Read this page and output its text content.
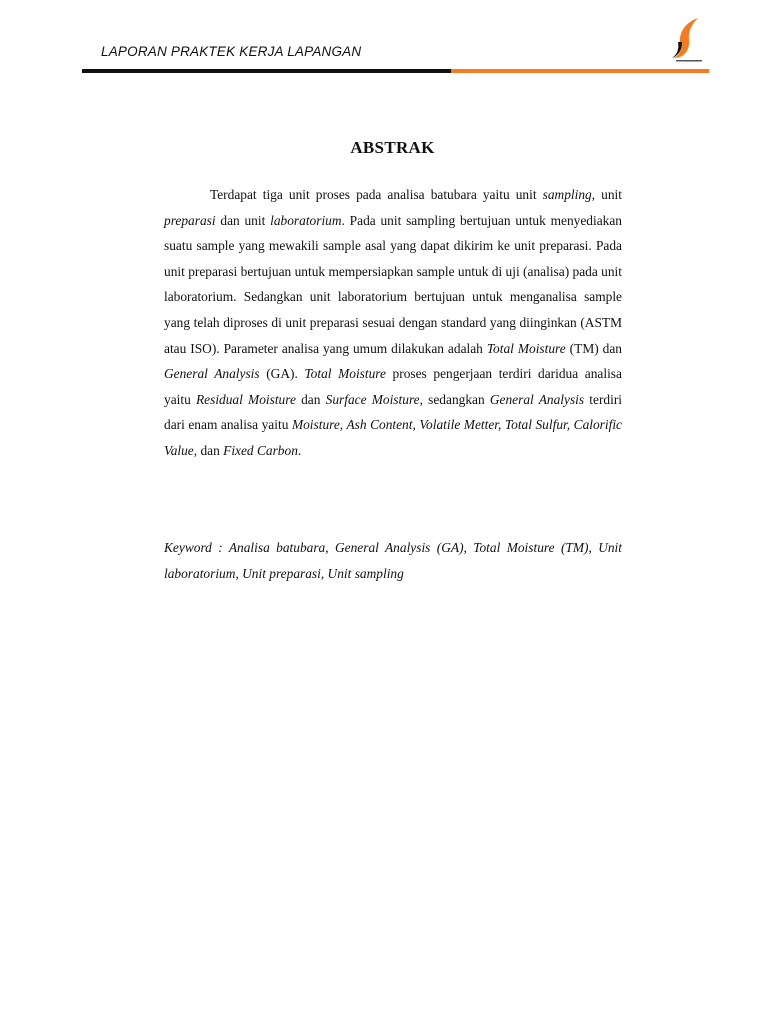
LAPORAN PRAKTEK KERJA LAPANGAN
ABSTRAK

Terdapat tiga unit proses pada analisa batubara yaitu unit sampling, unit preparasi dan unit laboratorium. Pada unit sampling bertujuan untuk menyediakan suatu sample yang mewakili sample asal yang dapat dikirim ke unit preparasi. Pada unit preparasi bertujuan untuk mempersiapkan sample untuk di uji (analisa) pada unit laboratorium. Sedangkan unit laboratorium bertujuan untuk menganalisa sample yang telah diproses di unit preparasi sesuai dengan standard yang diinginkan (ASTM atau ISO). Parameter analisa yang umum dilakukan adalah Total Moisture (TM) dan General Analysis (GA). Total Moisture proses pengerjaan terdiri daridua analisa yaitu Residual Moisture dan Surface Moisture, sedangkan General Analysis terdiri dari enam analisa yaitu Moisture, Ash Content, Volatile Metter, Total Sulfur, Calorific Value, dan Fixed Carbon.

Keyword : Analisa batubara, General Analysis (GA), Total Moisture (TM), Unit laboratorium, Unit preparasi, Unit sampling
